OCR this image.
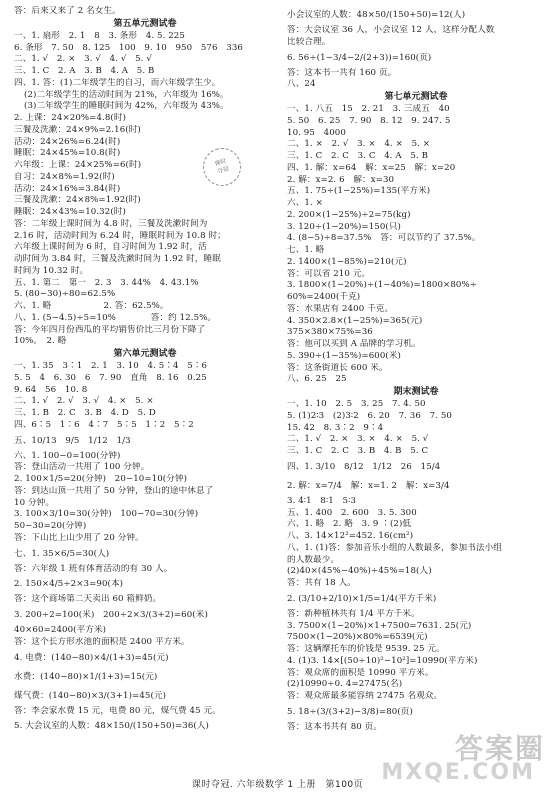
答：后来又来了 2 名女生。
第五单元测试卷
一、1. 扇形　2. 1　8　3. 条形　4. 5. 225
6. 条形　7. 50　8. 125　100　9. 10　950　576　336
二、1. √　2. ×　3. √　4. √　5. √
三、1. C　2. A　3. B　4. A　5. B
四、1. 答：(1)二年级学生的自习，而六年级学生少。
(2)二年级学生的活动时间为 21%，六年级为 16%。
(3)二年级学生的睡眠时间为 42%，六年级为 43%。
2. 上课：24×20%=4.8(时)
三餐及洗漱：24×9%=2.16(时)
活动：24×26%=6.24(时)
睡眠：24×45%=10.8(时)
六年级：上课：24×25%=6(时)
自习：24×8%=1.92(时)
活动：24×16%=3.84(时)
三餐及洗漱：24×8%=1.92(时)
睡眠：24×43%=10.32(时)
答：二年级上课时间为 4.8 时，三餐及洗漱时间为
2.16 时，活动时间为 6.24 时，睡眠时间为 10.8 时；
六年级上课时间为 6 时，自习时间为 1.92 时，活
动时间为 3.84 时，三餐及洗漱时间为 1.92 时，睡眠
时间为 10.32 时。
五、1. 第二　第一　2. 3　3. 44%　4. 43.1%
5. (80−30)÷80=62.5%
六、1. 略　　　　　　2. 答：62.5%。
八、1. (5−4.5)÷5=10%　　　　答：约 12.5%。
答：今年四月份西瓜的平均销售价比三月份下降了
10%。　2. 略
第六单元测试卷
一、1. 35　3∶1　2. 1　3. 10　4. 5∶4　5∶6
5. 5　4　6. 30　6　7. 90　直角　8. 16　0.25
9. 64　56　10. 8
二、1. √　2. √　3. √　4. ×　5. ×
三、1. B　2. C　3. B　4. D　5. D
四、6∶5　1∶6　4∶7　5∶5　1∶2　5∶2
五、10/13　9/5　1/12　1/3
六、1. 100−0=100(分钟)
答：登山活动一共用了 100 分钟。
2. 100×1/5=20(分钟)　20−10=10(分钟)
答：到达山顶一共用了 50 分钟，登山的途中休息了
10 分钟。
3. 100×3/10=30(分钟)　100−70=30(分钟)
50−30=20(分钟)
答：下山比上山少用了 20 分钟。
七、1. 35×6/5=30(人)
答：六年级 1 班有体育活动的有 30 人。
2. 150×4/5÷2×3=90(本)
答：这个商场第二天卖出 60 箱鲜奶。
3. 200÷2=100(米)　200÷2×3/(3+2)=60(米)
40×60=2400(平方米)
答：这个长方形水池的面积是 2400 平方米。
4. 电费：(140−80)×4/(1+3)=45(元)
水费：(140−80)×1/(1+3)=15(元)
煤气费：(140−80)×3/(3+1)=45(元)
答：李会家水费 15 元，电费 80 元，煤气费 45 元。
5. 大会议室的人数：48×150/(150+50)=36(人)
小会议室的人数：48×50/(150+50)=12(人)
答：大会议室 36 人，小会议室 12 人，这样分配人数
比较合理。
6. 56÷(1−3/4−2/(2+3))=160(页)
答：这本书一共有 160 页。
八、24
第七单元测试卷
一、1. 八五　15　2. 21　3. 三成五　40
5. 50　6. 25　7. 90　8. 12　9. 247. 5
10. 95　4000
二、1. ×　2. √　3. ×　4. ×　5. ×
三、1. C　2. C　3. C　4. A　5. B
四、1. 解：x=64　解：x=25　解：x=20
2. 解：x=2. 6　解：x=30
五、1. 75÷(1−25%)=135(平方米)
六、1. ×
2. 200×(1−25%)÷2=75(kg)
3. 120÷(1−20%)=150(只)
4. (8−5)÷8=37.5%　答：可以节约了 37.5%。
七、1. 略
2. 1400×(1−85%)=210(元)
答：可以省 210 元。
3. 1800×(1−20%)÷(1−40%)=1800×80%÷
60%=2400(千克)
答：水果店有 2400 千克。
4. 350×2.8×(1−25%)=365(元)
375×380×75%=36
答：他可以买到 A 品牌的学习机。
5. 390÷(1−35%)=600(米)
答：这条街道长 600 米。
八、6. 25　25
期末测试卷
一、1. 10　2. 5　3. 25　7. 4. 50
5. (1)2∶3　(2)3∶2　6. 20　7. 36　7. 50
15. 42　8. 3∶2　9∶4
二、1. √　2. ×　3. ×　4. ×　5. √
三、1. C　2. C　3. B　4. B　5. C
四、1. 3/10　8/12　1/12　26　15/4
2. 解：x=7/4　解：x=1. 2　解：x=3/4
3. 4∶1　8∶1　5∶3
五、1. 400　2. 600　3. 5. 300
六、1. 略　2. 略　3. 9 ∶(2)低
八、3. 14×12²=452. 16(cm²)
八、1. (1)答：参加音乐小组的人数最多，参加书法小组
的人数最少。
(2)40×(45%−40%)÷45%=18(人)
答：共有 18 人。
2. (3/10+2/10)×1/5=1/4(平方千米)
答：新种植林共有 1/4 平方千米。
3. 7500×(1−20%)×1+7500=7631. 25(元)
7500×(1−20%)×80%=6539(元)
答：这辆摩托车的价钱是 9539. 25 元。
4. (1)3. 14×[(50÷10)²−10²]=10990(平方米)
答：观众席的面积是 10990 平方米。
(2)10990÷0. 4=27475(名)
答：观众席最多能容纳 27475 名观众。
5. 18÷(3/(3+2)−3/8)=80(页)
答：这本书共有 80 页。
课时
夺冠
课时夺冠. 六年级数学 1 上册　第100页
答案圈
MXQE.COM
